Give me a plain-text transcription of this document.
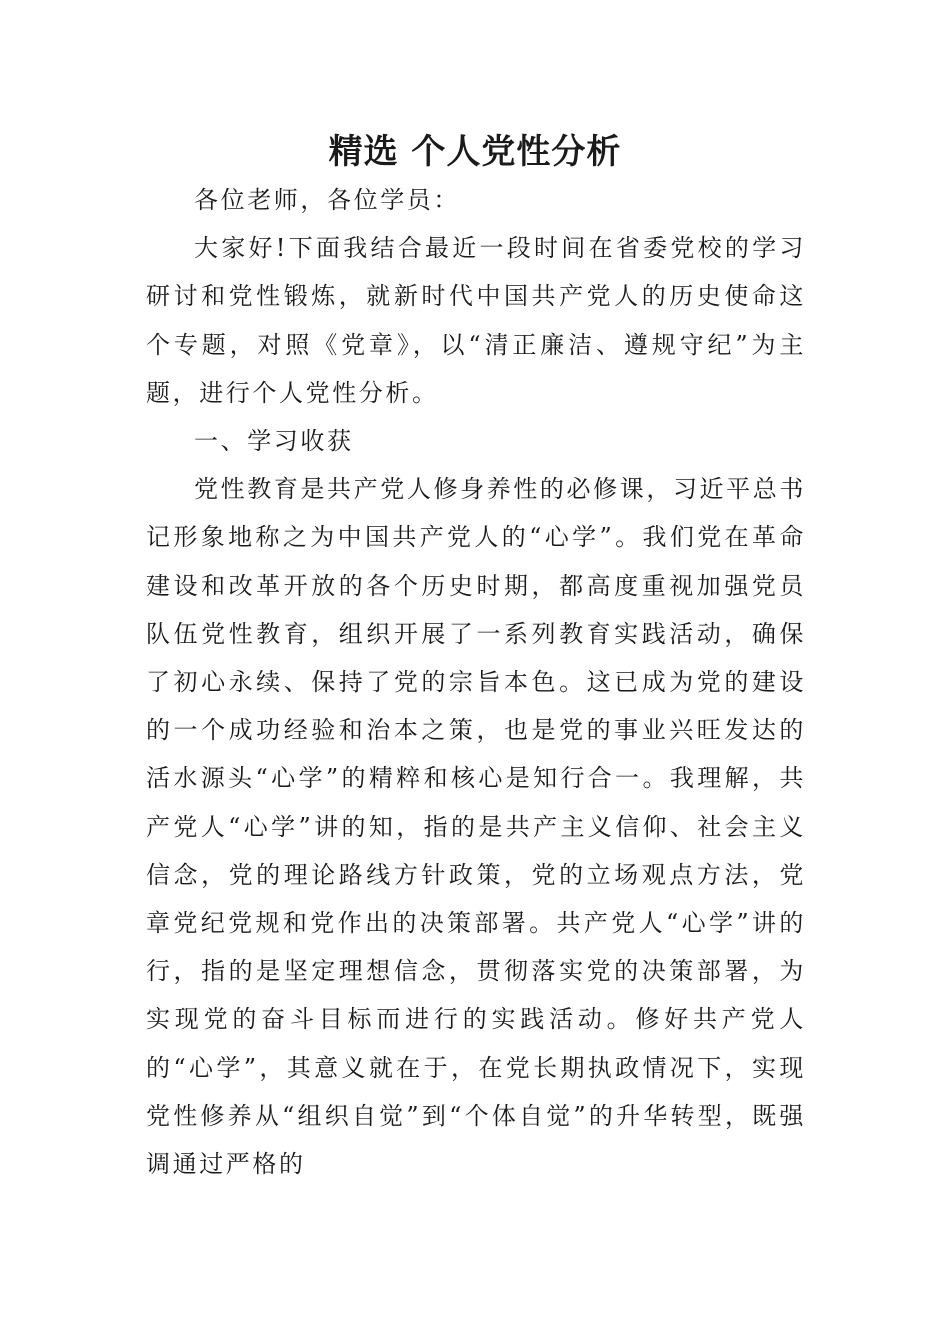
精选 个人党性分析

各位老师，各位学员：

大家好!下面我结合最近一段时间在省委党校的学习研讨和党性锻炼，就新时代中国共产党人的历史使命这个专题，对照《党章》，以“清正廉洁、遵规守纪”为主题，进行个人党性分析。

一、学习收获

党性教育是共产党人修身养性的必修课，习近平总书记形象地称之为中国共产党人的“心学”。我们党在革命建设和改革开放的各个历史时期，都高度重视加强党员队伍党性教育，组织开展了一系列教育实践活动，确保了初心永续、保持了党的宗旨本色。这已成为党的建设的一个成功经验和治本之策，也是党的事业兴旺发达的活水源头“心学”的精粹和核心是知行合一。我理解，共产党人“心学”讲的知，指的是共产主义信仰、社会主义信念，党的理论路线方针政策，党的立场观点方法，党章党纪党规和党作出的决策部署。共产党人“心学”讲的行，指的是坚定理想信念，贯彻落实党的决策部署，为实现党的奋斗目标而进行的实践活动。修好共产党人的“心学”，其意义就在于，在党长期执政情况下，实现党性修养从“组织自觉”到“个体自觉”的升华转型，既强调通过严格的
